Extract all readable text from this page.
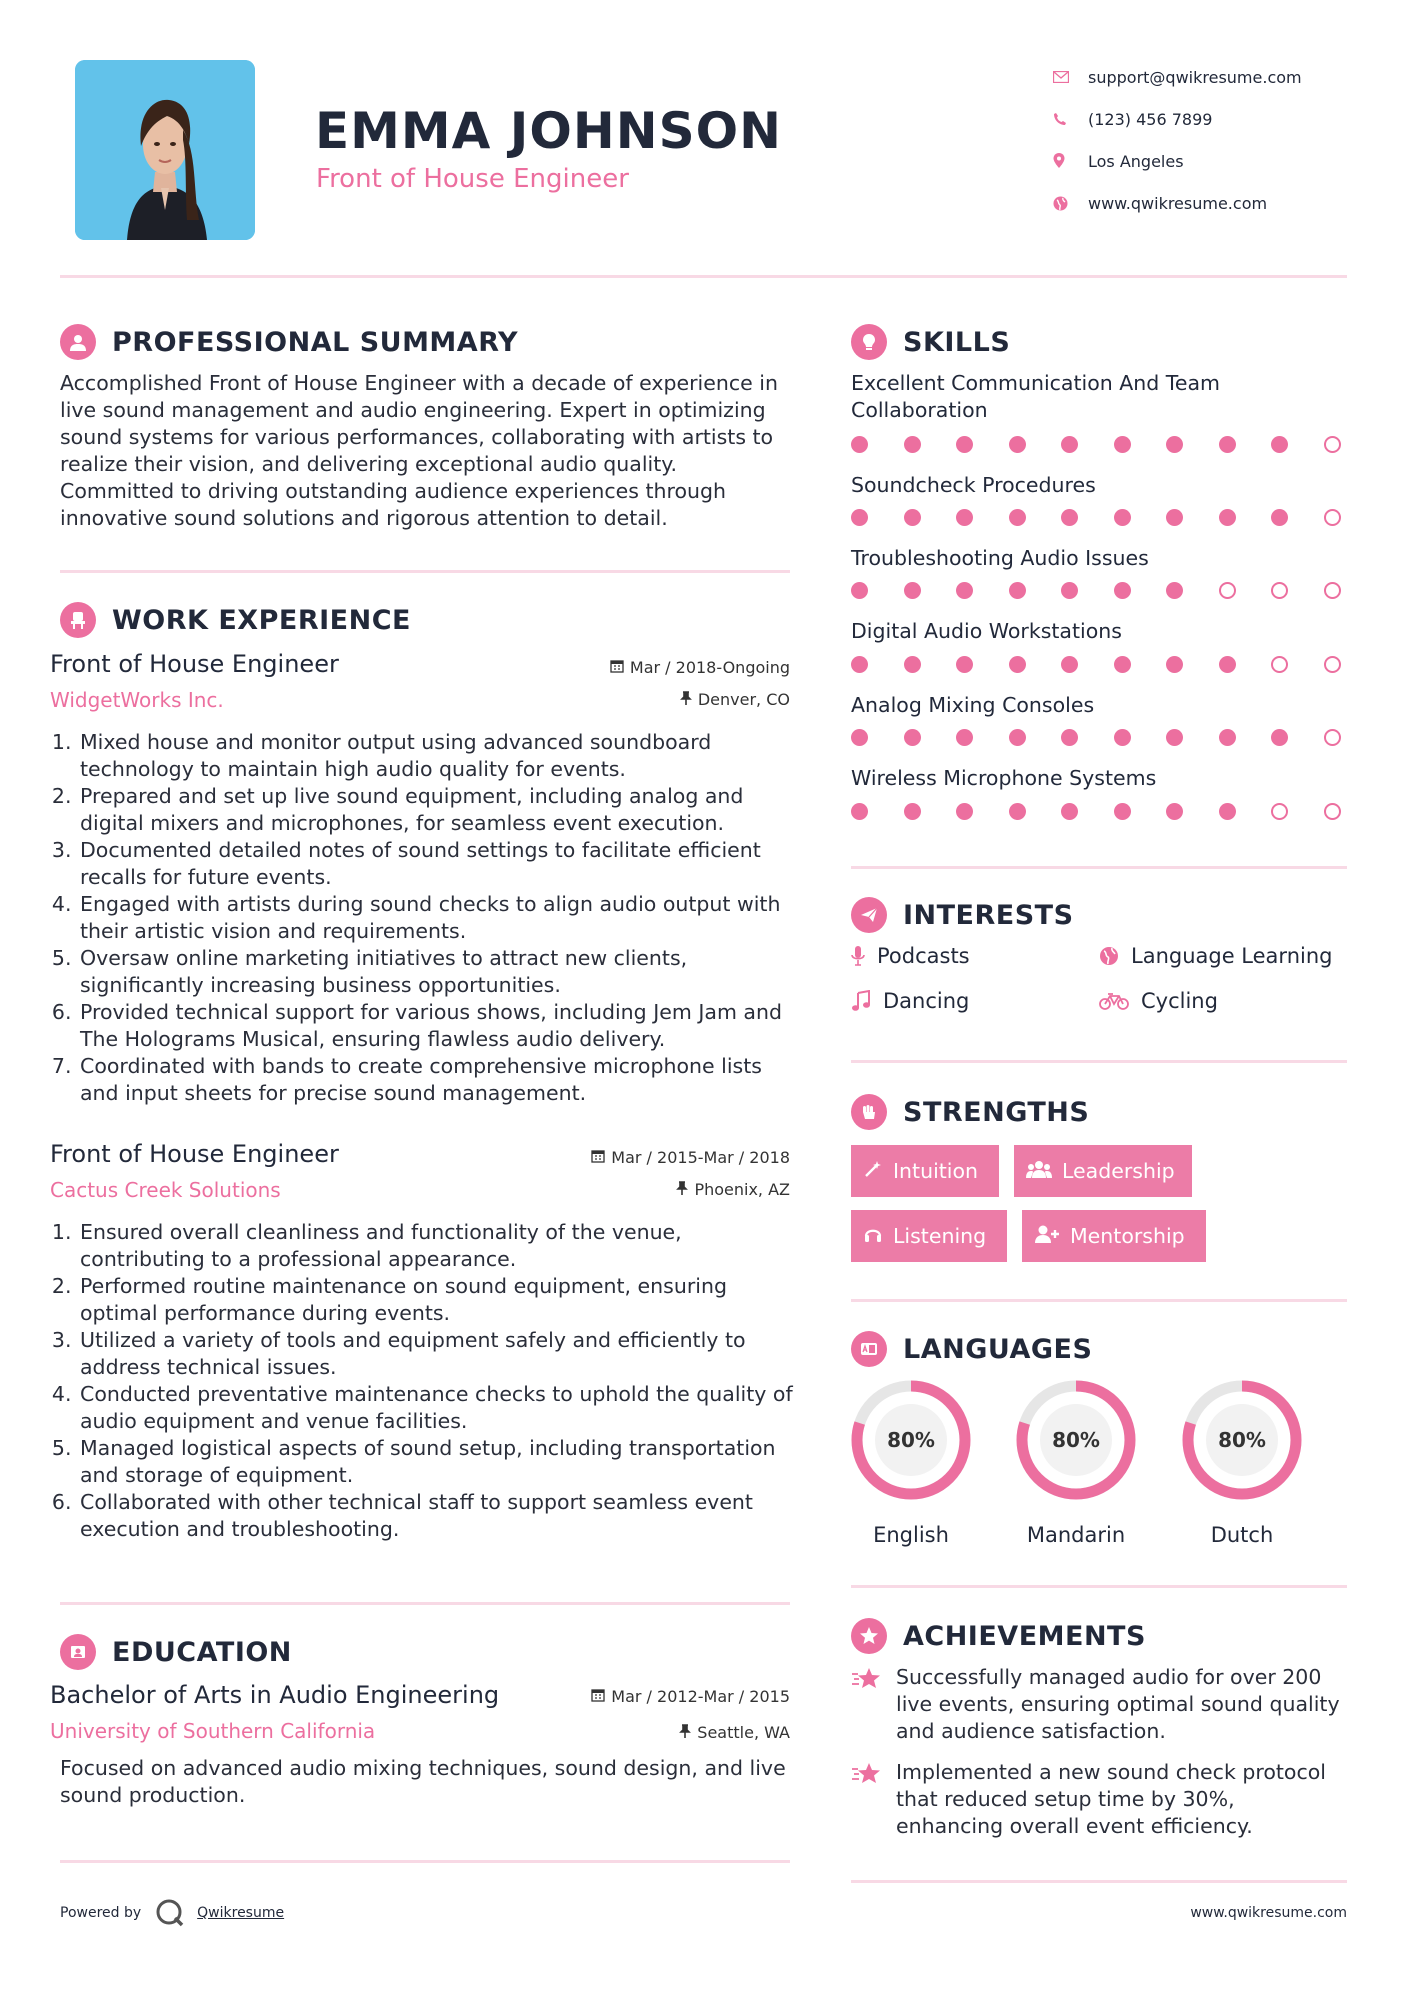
EMMA JOHNSON
Front of House Engineer
support@qwikresume.com
(123) 456 7899
Los Angeles
www.qwikresume.com
PROFESSIONAL SUMMARY
Accomplished Front of House Engineer with a decade of experience in live sound management and audio engineering. Expert in optimizing sound systems for various performances, collaborating with artists to realize their vision, and delivering exceptional audio quality. Committed to driving outstanding audience experiences through innovative sound solutions and rigorous attention to detail.
WORK EXPERIENCE
Front of House Engineer	Mar / 2018-Ongoing
WidgetWorks Inc.	Denver, CO
1. Mixed house and monitor output using advanced soundboard technology to maintain high audio quality for events.
2. Prepared and set up live sound equipment, including analog and digital mixers and microphones, for seamless event execution.
3. Documented detailed notes of sound settings to facilitate efficient recalls for future events.
4. Engaged with artists during sound checks to align audio output with their artistic vision and requirements.
5. Oversaw online marketing initiatives to attract new clients, significantly increasing business opportunities.
6. Provided technical support for various shows, including Jem Jam and The Holograms Musical, ensuring flawless audio delivery.
7. Coordinated with bands to create comprehensive microphone lists and input sheets for precise sound management.
Front of House Engineer	Mar / 2015-Mar / 2018
Cactus Creek Solutions	Phoenix, AZ
1. Ensured overall cleanliness and functionality of the venue, contributing to a professional appearance.
2. Performed routine maintenance on sound equipment, ensuring optimal performance during events.
3. Utilized a variety of tools and equipment safely and efficiently to address technical issues.
4. Conducted preventative maintenance checks to uphold the quality of audio equipment and venue facilities.
5. Managed logistical aspects of sound setup, including transportation and storage of equipment.
6. Collaborated with other technical staff to support seamless event execution and troubleshooting.
EDUCATION
Bachelor of Arts in Audio Engineering	Mar / 2012-Mar / 2015
University of Southern California	Seattle, WA
Focused on advanced audio mixing techniques, sound design, and live sound production.
SKILLS
Excellent Communication And Team Collaboration
Soundcheck Procedures
Troubleshooting Audio Issues
Digital Audio Workstations
Analog Mixing Consoles
Wireless Microphone Systems
INTERESTS
Podcasts	Language Learning
Dancing	Cycling
STRENGTHS
Intuition	Leadership
Listening	Mentorship
LANGUAGES
80%
English
80%
Mandarin
80%
Dutch
ACHIEVEMENTS
Successfully managed audio for over 200 live events, ensuring optimal sound quality and audience satisfaction.
Implemented a new sound check protocol that reduced setup time by 30%, enhancing overall event efficiency.
Powered by	Qwikresume	www.qwikresume.com
